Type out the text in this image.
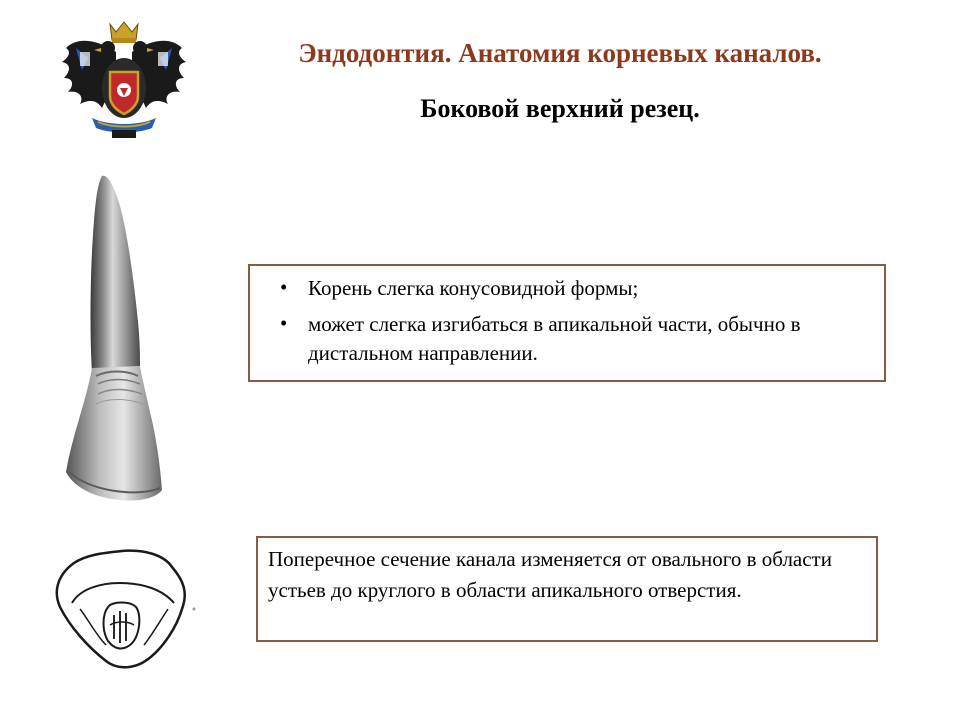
Эндодонтия. Анатомия корневых каналов.
Боковой верхний резец.
• Корень слегка конусовидной формы;
• может слегка изгибаться в апикальной части, обычно в дистальном направлении.
Поперечное сечение канала изменяется от овального в области устьев до круглого в области апикального отверстия.
